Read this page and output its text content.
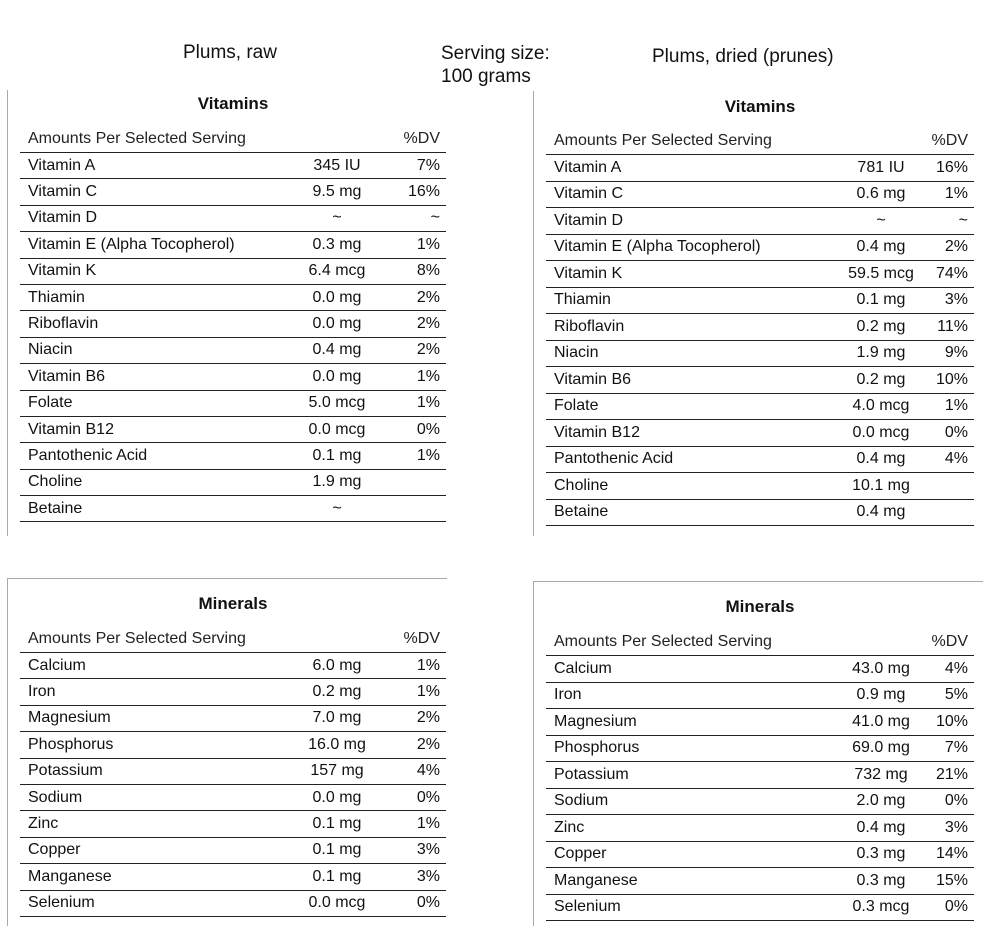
Plums, raw	Serving size:
100 grams
Plums, dried (prunes)
Vitamins
Amounts Per Selected Serving	%DV
Vitamin A	345 IU	7%
Vitamin C	9.5 mg	16%
Vitamin D	~	~
Vitamin E (Alpha Tocopherol)	0.3 mg	1%
Vitamin K	6.4 mcg	8%
Thiamin	0.0 mg	2%
Riboflavin	0.0 mg	2%
Niacin	0.4 mg	2%
Vitamin B6	0.0 mg	1%
Folate	5.0 mcg	1%
Vitamin B12	0.0 mcg	0%
Pantothenic Acid	0.1 mg	1%
Choline	1.9 mg
Betaine	~
Vitamins
Amounts Per Selected Serving	%DV
Vitamin A	781 IU	16%
Vitamin C	0.6 mg	1%
Vitamin D	~	~
Vitamin E (Alpha Tocopherol)	0.4 mg	2%
Vitamin K	59.5 mcg	74%
Thiamin	0.1 mg	3%
Riboflavin	0.2 mg	11%
Niacin	1.9 mg	9%
Vitamin B6	0.2 mg	10%
Folate	4.0 mcg	1%
Vitamin B12	0.0 mcg	0%
Pantothenic Acid	0.4 mg	4%
Choline	10.1 mg
Betaine	0.4 mg
Minerals
Amounts Per Selected Serving	%DV
Calcium	6.0 mg	1%
Iron	0.2 mg	1%
Magnesium	7.0 mg	2%
Phosphorus	16.0 mg	2%
Potassium	157 mg	4%
Sodium	0.0 mg	0%
Zinc	0.1 mg	1%
Copper	0.1 mg	3%
Manganese	0.1 mg	3%
Selenium	0.0 mcg	0%
Minerals
Amounts Per Selected Serving	%DV
Calcium	43.0 mg	4%
Iron	0.9 mg	5%
Magnesium	41.0 mg	10%
Phosphorus	69.0 mg	7%
Potassium	732 mg	21%
Sodium	2.0 mg	0%
Zinc	0.4 mg	3%
Copper	0.3 mg	14%
Manganese	0.3 mg	15%
Selenium	0.3 mcg	0%
